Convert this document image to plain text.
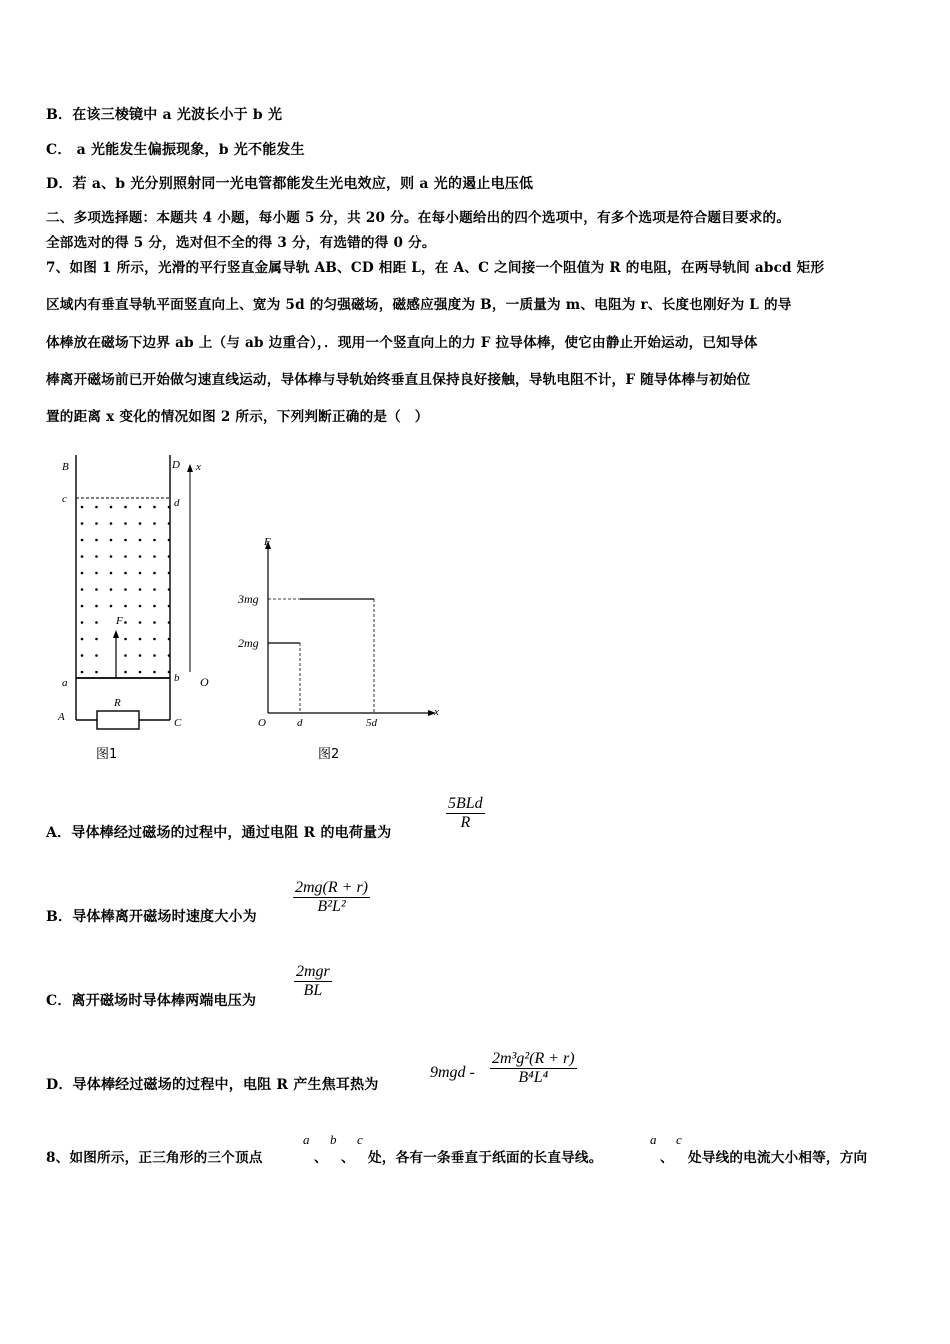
B．在该三棱镜中 a 光波长小于 b 光
C． a 光能发生偏振现象，b 光不能发生
D．若 a、b 光分别照射同一光电管都能发生光电效应，则 a 光的遏止电压低
二、多项选择题：本题共 4 小题，每小题 5 分，共 20 分。在每小题给出的四个选项中，有多个选项是符合题目要求的。
全部选对的得 5 分，选对但不全的得 3 分，有选错的得 0 分。
7、如图 1 所示，光滑的平行竖直金属导轨 AB、CD 相距 L，在 A、C 之间接一个阻值为 R 的电阻，在两导轨间 abcd 矩形
区域内有垂直导轨平面竖直向上、宽为 5d 的匀强磁场，磁感应强度为 B，一质量为 m、电阻为 r、长度也刚好为 L 的导
体棒放在磁场下边界 ab 上（与 ab 边重合），．现用一个竖直向上的力 F 拉导体棒，使它由静止开始运动，已知导体
棒离开磁场前已开始做匀速直线运动，导体棒与导轨始终垂直且保持良好接触，导轨电阻不计，F 随导体棒与初始位
置的距离 x 变化的情况如图 2 所示，下列判断正确的是（　）
B	D x
c	d
F
a	b O
A	C
R
图1
F
3mg
2mg
O	d	5d
x
图2
A．导体棒经过磁场的过程中，通过电阻 R 的电荷量为
5BLd
R
B．导体棒离开磁场时速度大小为
$\frac{2mg(R + r)}{\text{B²L²}}$
C．离开磁场时导体棒两端电压为
2mgr
BL
D．导体棒经过磁场的过程中，电阻 R 产生焦耳热为
$9mgd - \frac{\text{2m³g²(R + r)}}{\text{B⁴L⁴}}$
8、如图所示，正三角形的三个顶点
a
、
b
、
c
处，各有一条垂直于纸面的长直导线。
a
、
c
处导线的电流大小相等，方向
